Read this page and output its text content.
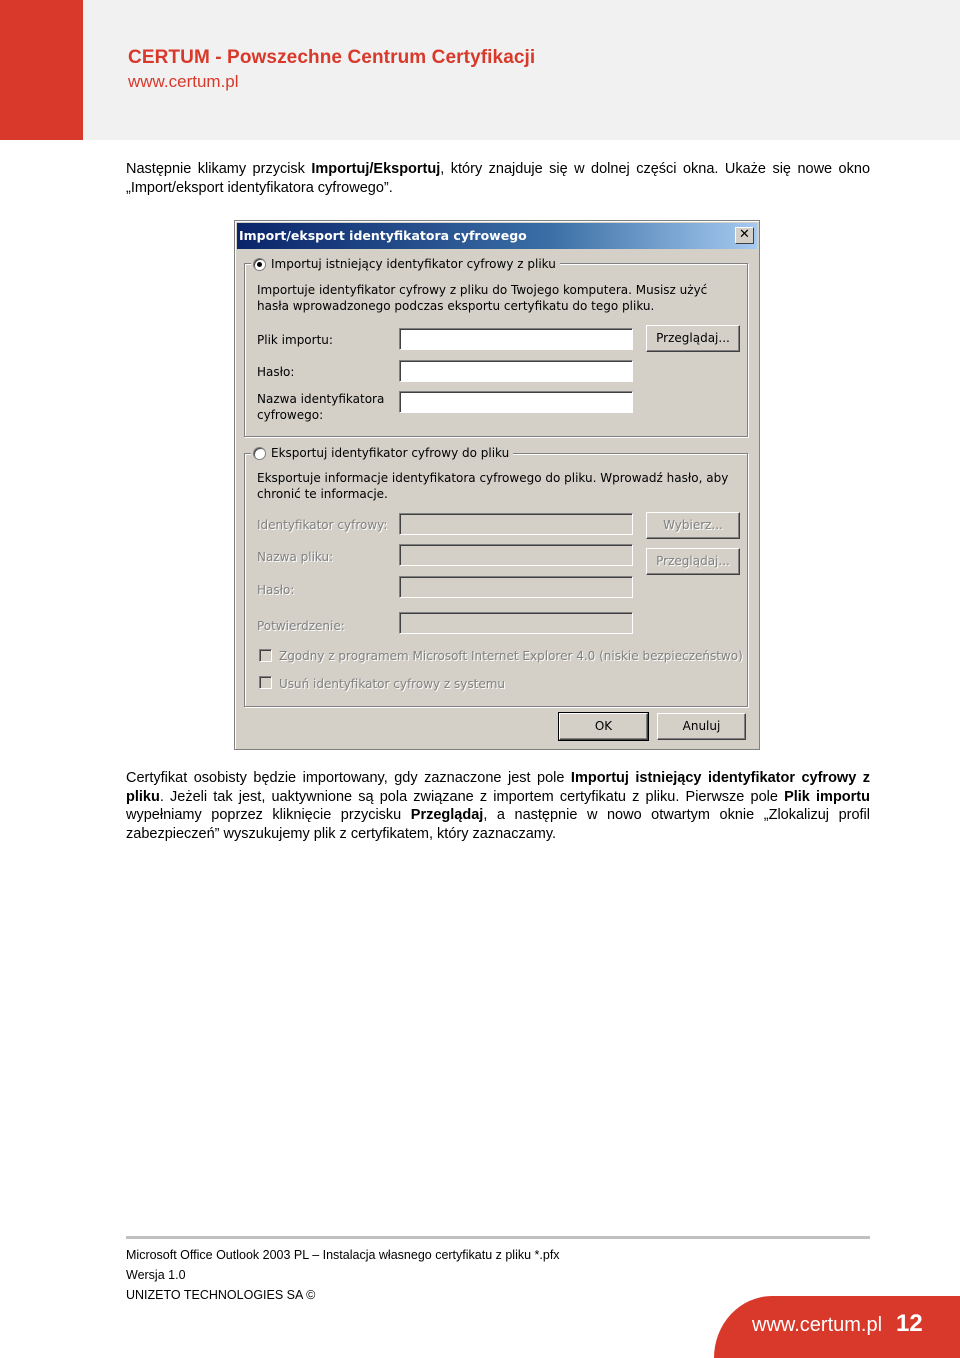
CERTUM - Powszechne Centrum Certyfikacji
www.certum.pl
Następnie klikamy przycisk Importuj/Eksportuj, który znajduje się w dolnej części okna. Ukaże się nowe okno „Import/eksport identyfikatora cyfrowego”.
Import/eksport identyfikatora cyfrowego	✕
Importuj istniejący identyfikator cyfrowy z pliku
Importuje identyfikator cyfrowy z pliku do Twojego komputera. Musisz użyć
hasła wprowadzonego podczas eksportu certyfikatu do tego pliku.
Plik importu:	Przeglądaj...
Hasło:
Nazwa identyfikatora
cyfrowego:
Eksportuj identyfikator cyfrowy do pliku
Eksportuje informacje identyfikatora cyfrowego do pliku. Wprowadź hasło, aby
chronić te informacje.
Identyfikator cyfrowy:	Wybierz...
Nazwa pliku:	Przeglądaj...
Hasło:
Potwierdzenie:
Zgodny z programem Microsoft Internet Explorer 4.0 (niskie bezpieczeństwo)
Usuń identyfikator cyfrowy z systemu
OK	Anuluj
Certyfikat osobisty będzie importowany, gdy zaznaczone jest pole Importuj istniejący identyfikator cyfrowy z pliku. Jeżeli tak jest, uaktywnione są pola związane z importem certyfikatu z pliku. Pierwsze pole Plik importu wypełniamy poprzez kliknięcie przycisku Przeglądaj, a następnie w nowo otwartym oknie „Zlokalizuj profil zabezpieczeń” wyszukujemy plik z certyfikatem, który zaznaczamy.
Microsoft Office Outlook 2003 PL – Instalacja własnego certyfikatu z pliku *.pfx
Wersja 1.0
UNIZETO TECHNOLOGIES SA ©
www.certum.pl 12
